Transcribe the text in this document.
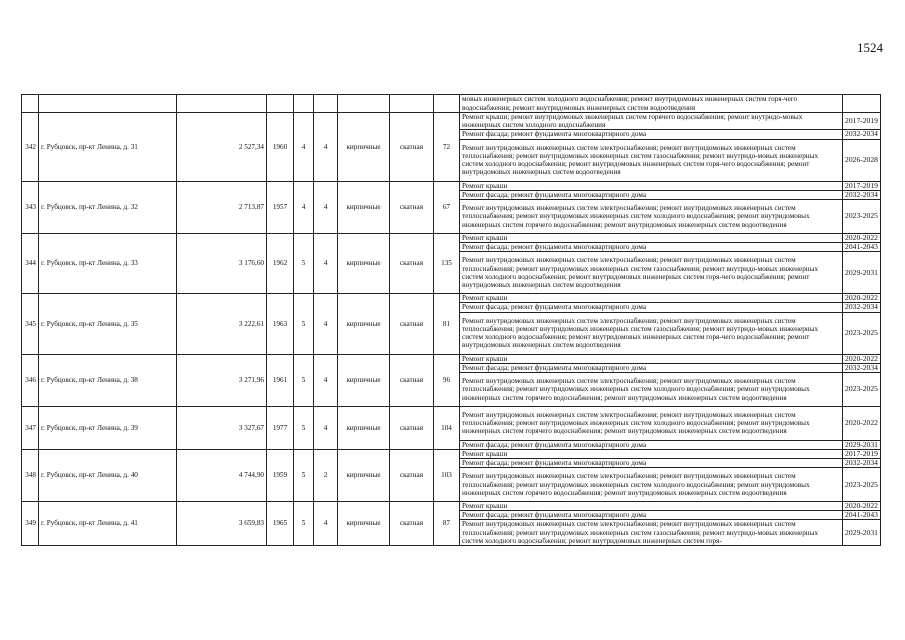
1524
									мовых инженерных систем холодного водоснабжения; ремонт внутридомовых инженерных систем горя-чего водоснабжения; ремонт внутридомовых инженерных систем водоотведения	
342	г. Рубцовск, пр-кт Ленина, д. 31	2 527,34	1960	4	4	кирпичные	скатная	72	Ремонт крыши; ремонт внутридомовых инженерных систем горячего водоснабжения; ремонт внутридо-мовых инженерных систем холодного водоснабжения	2017-2019
									Ремонт фасада; ремонт фундамента многоквартирного дома	2032-2034
									Ремонт внутридомовых инженерных систем электроснабжения; ремонт внутридомовых инженерных систем теплоснабжения; ремонт внутридомовых инженерных систем газоснабжения; ремонт внутридо-мовых инженерных систем холодного водоснабжения; ремонт внутридомовых инженерных систем горя-чего водоснабжения; ремонт внутридомовых инженерных систем водоотведения	2026-2028
343	г. Рубцовск, пр-кт Ленина, д. 32	2 713,87	1957	4	4	кирпичные	скатная	67	Ремонт крыши	2017-2019
									Ремонт фасада; ремонт фундамента многоквартирного дома	2032-2034
									Ремонт внутридомовых инженерных систем электроснабжения; ремонт внутридомовых инженерных систем теплоснабжения; ремонт внутридомовых инженерных систем холодного водоснабжения; ремонт внутридомовых инженерных систем горячего водоснабжения; ремонт внутридомовых инженерных систем водоотведения	2023-2025
344	г. Рубцовск, пр-кт Ленина, д. 33	3 176,60	1962	5	4	кирпичные	скатная	135	Ремонт крыши	2020-2022
									Ремонт фасада; ремонт фундамента многоквартирного дома	2041-2043
									Ремонт внутридомовых инженерных систем электроснабжения; ремонт внутридомовых инженерных систем теплоснабжения; ремонт внутридомовых инженерных систем газоснабжения; ремонт внутридо-мовых инженерных систем холодного водоснабжения; ремонт внутридомовых инженерных систем горя-чего водоснабжения; ремонт внутридомовых инженерных систем водоотведения	2029-2031
345	г. Рубцовск, пр-кт Ленина, д. 35	3 222,61	1963	5	4	кирпичные	скатная	81	Ремонт крыши	2020-2022
									Ремонт фасада; ремонт фундамента многоквартирного дома	2032-2034
									Ремонт внутридомовых инженерных систем электроснабжения; ремонт внутридомовых инженерных систем теплоснабжения; ремонт внутридомовых инженерных систем газоснабжения; ремонт внутридо-мовых инженерных систем холодного водоснабжения; ремонт внутридомовых инженерных систем горя-чего водоснабжения; ремонт внутридомовых инженерных систем водоотведения	2023-2025
346	г. Рубцовск, пр-кт Ленина, д. 38	3 271,96	1961	5	4	кирпичные	скатная	96	Ремонт крыши	2020-2022
									Ремонт фасада; ремонт фундамента многоквартирного дома	2032-2034
									Ремонт внутридомовых инженерных систем электроснабжения; ремонт внутридомовых инженерных систем теплоснабжения; ремонт внутридомовых инженерных систем холодного водоснабжения; ремонт внутридомовых инженерных систем горячего водоснабжения; ремонт внутридомовых инженерных систем водоотведения	2023-2025
347	г. Рубцовск, пр-кт Ленина, д. 39	3 327,67	1977	5	4	кирпичные	скатная	104	Ремонт внутридомовых инженерных систем электроснабжения; ремонт внутридомовых инженерных систем теплоснабжения; ремонт внутридомовых инженерных систем холодного водоснабжения; ремонт внутридомовых инженерных систем горячего водоснабжения; ремонт внутридомовых инженерных систем водоотведения	2020-2022
									Ремонт фасада; ремонт фундамента многоквартирного дома	2029-2031
348	г. Рубцовск, пр-кт Ленина, д. 40	4 744,90	1959	5	2	кирпичные	скатная	103	Ремонт крыши	2017-2019
									Ремонт фасада; ремонт фундамента многоквартирного дома	2032-2034
									Ремонт внутридомовых инженерных систем электроснабжения; ремонт внутридомовых инженерных систем теплоснабжения; ремонт внутридомовых инженерных систем холодного водоснабжения; ремонт внутридомовых инженерных систем горячего водоснабжения; ремонт внутридомовых инженерных систем водоотведения	2023-2025
349	г. Рубцовск, пр-кт Ленина, д. 41	3 659,83	1965	5	4	кирпичные	скатная	87	Ремонт крыши	2020-2022
									Ремонт фасада; ремонт фундамента многоквартирного дома	2041-2043
									Ремонт внутридомовых инженерных систем электроснабжения; ремонт внутридомовых инженерных систем теплоснабжения; ремонт внутридомовых инженерных систем газоснабжения; ремонт внутридо-мовых инженерных систем холодного водоснабжения; ремонт внутридомовых инженерных систем горя-	2029-2031
